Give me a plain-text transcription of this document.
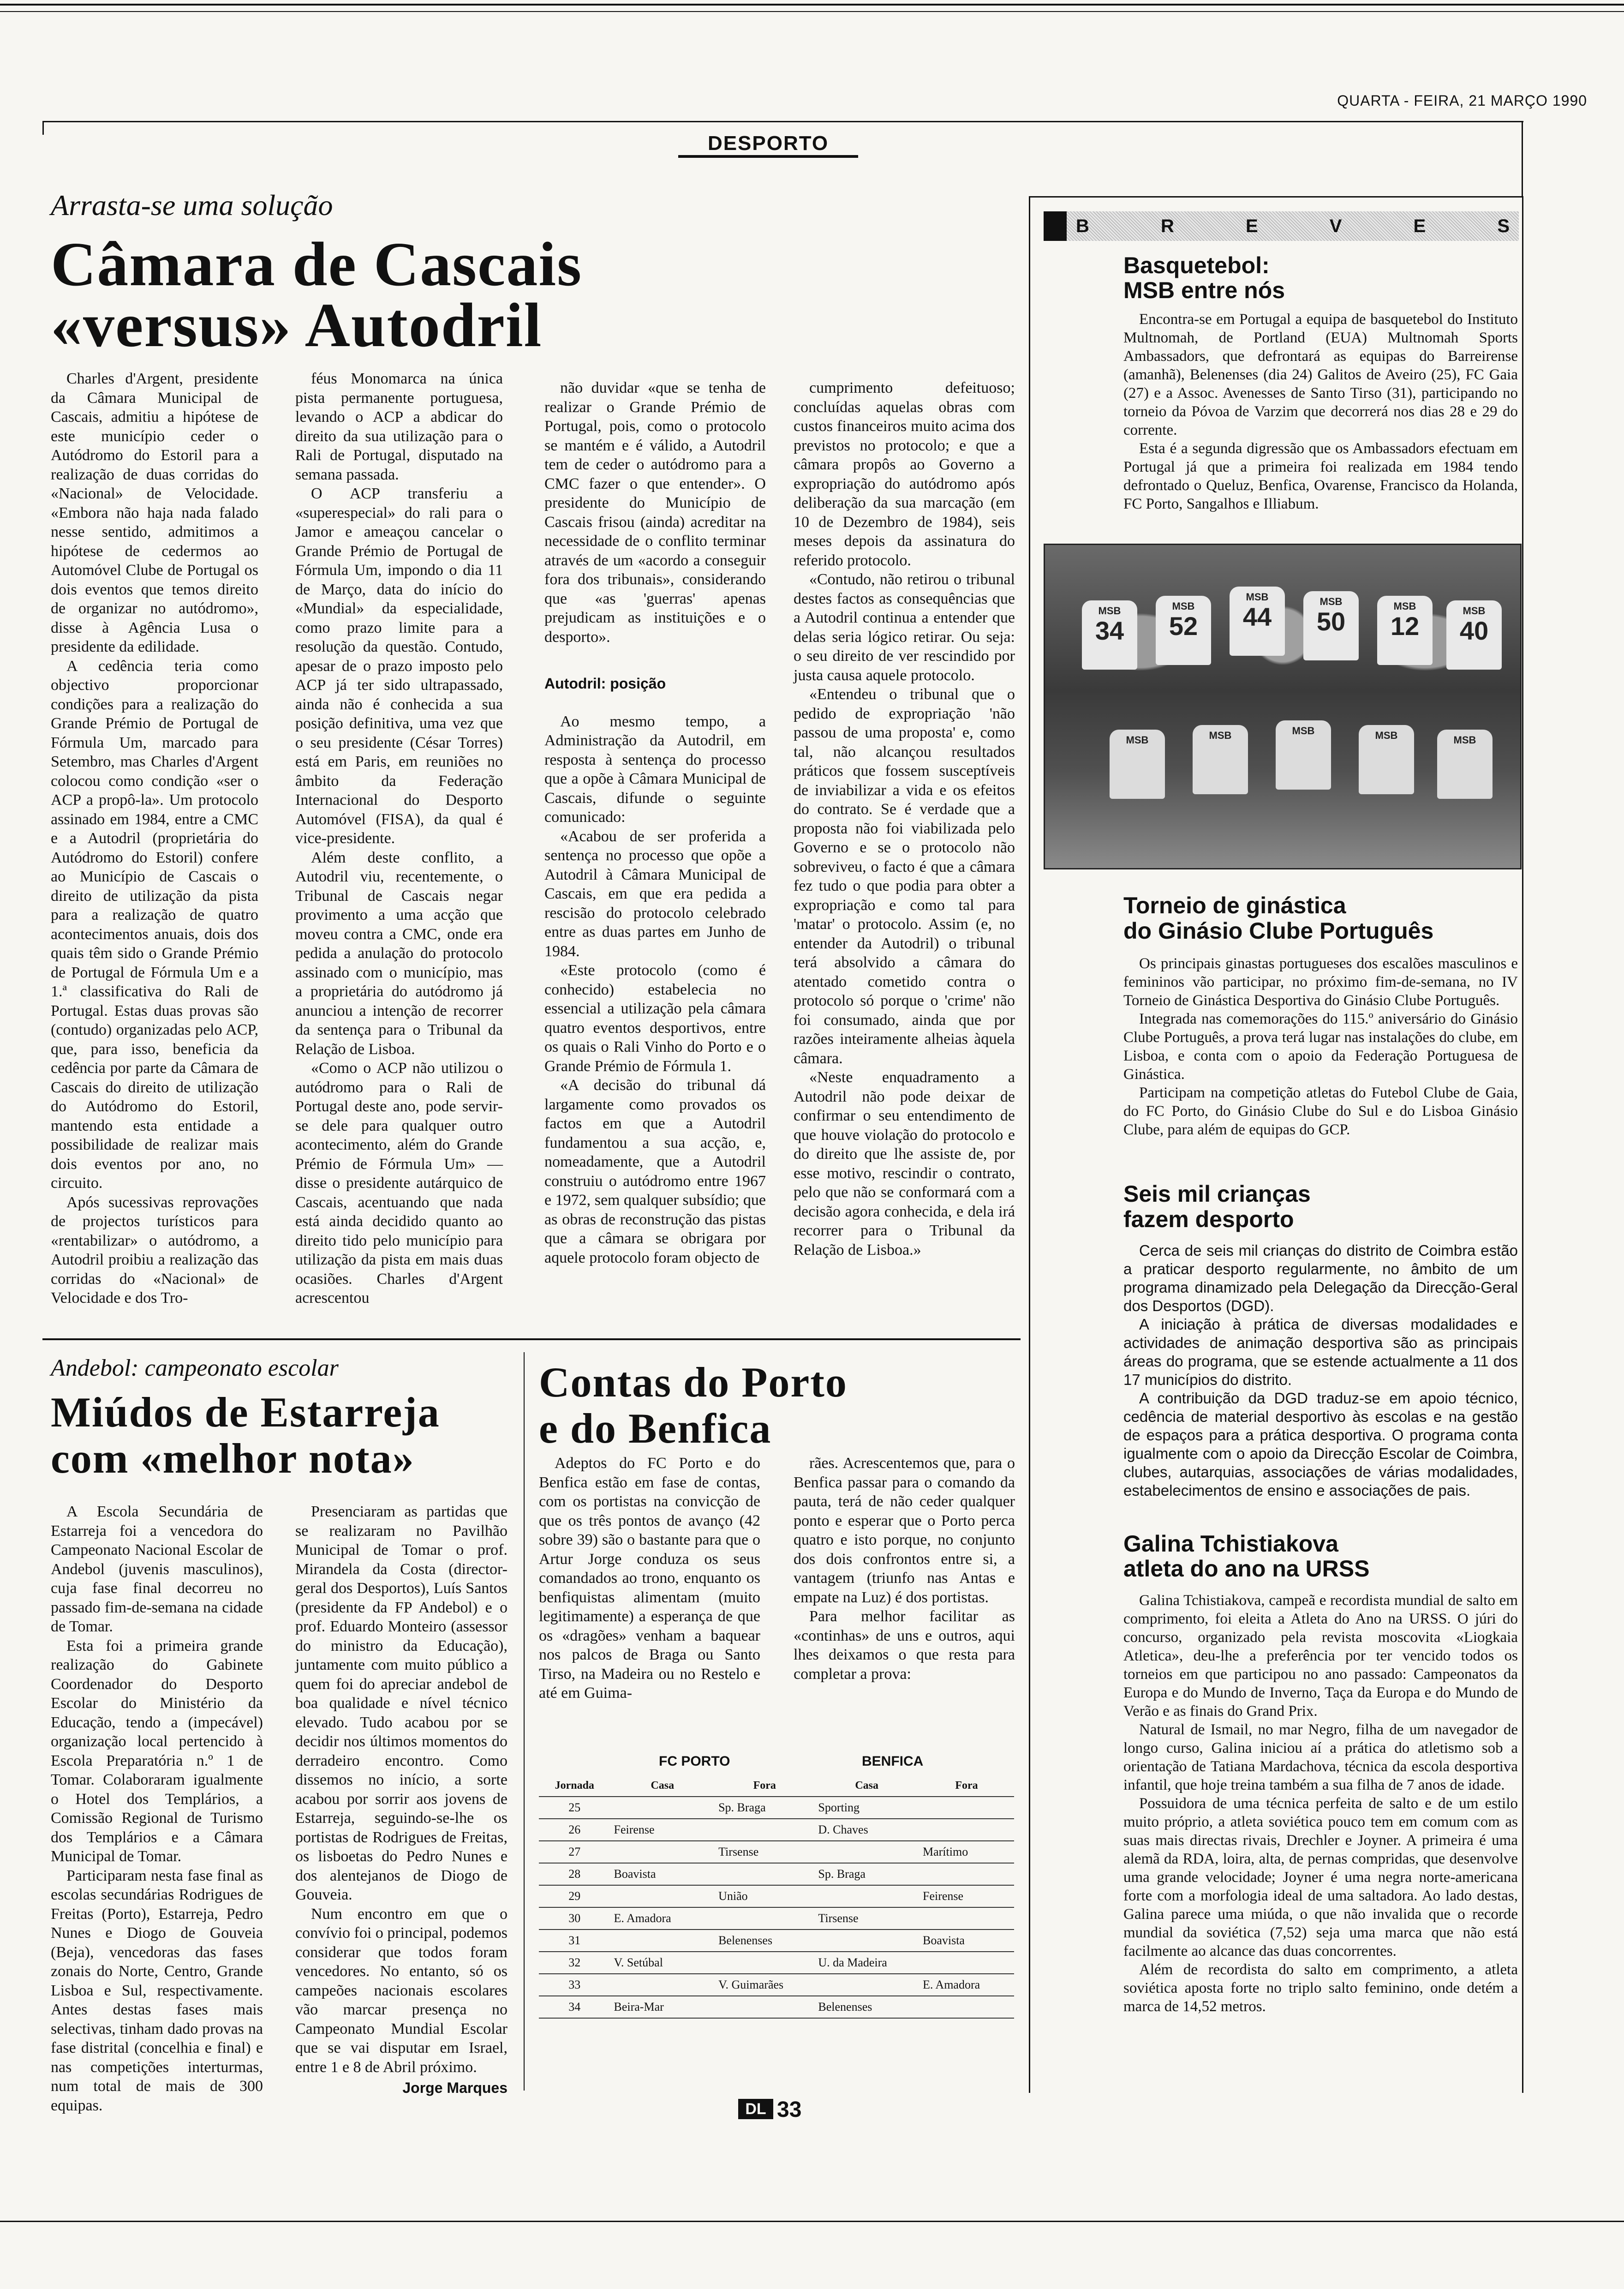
QUARTA - FEIRA, 21 MARÇO 1990
DESPORTO
Arrasta-se uma solução
Câmara de Cascais
«versus» Autodril

Charles d'Argent, presidente da Câmara Municipal de Cascais, admitiu a hipótese de este município ceder o Autódromo do Estoril para a realização de duas corridas do «Nacional» de Velocidade. «Embora não haja nada falado nesse sentido, admitimos a hipótese de cedermos ao Automóvel Clube de Portugal os dois eventos que temos direito de organizar no autódromo», disse à Agência Lusa o presidente da edilidade.

A cedência teria como objectivo proporcionar condições para a realização do Grande Prémio de Portugal de Fórmula Um, marcado para Setembro, mas Charles d'Argent colocou como condição «ser o ACP a propô-la». Um protocolo assinado em 1984, entre a CMC e a Autodril (proprietária do Autódromo do Estoril) confere ao Município de Cascais o direito de utilização da pista para a realização de quatro acontecimentos anuais, dois dos quais têm sido o Grande Prémio de Portugal de Fórmula Um e a 1.ª classificativa do Rali de Portugal. Estas duas provas são (contudo) organizadas pelo ACP, que, para isso, beneficia da cedência por parte da Câmara de Cascais do direito de utilização do Autódromo do Estoril, mantendo esta entidade a possibilidade de realizar mais dois eventos por ano, no circuito.

Após sucessivas reprovações de projectos turísticos para «rentabilizar» o autódromo, a Autodril proibiu a realização das corridas do «Nacional» de Velocidade e dos Tro-

féus Monomarca na única pista permanente portuguesa, levando o ACP a abdicar do direito da sua utilização para o Rali de Portugal, disputado na semana passada.

O ACP transferiu a «superespecial» do rali para o Jamor e ameaçou cancelar o Grande Prémio de Portugal de Fórmula Um, impondo o dia 11 de Março, data do início do «Mundial» da especialidade, como prazo limite para a resolução da questão. Contudo, apesar de o prazo imposto pelo ACP já ter sido ultrapassado, ainda não é conhecida a sua posição definitiva, uma vez que o seu presidente (César Torres) está em Paris, em reuniões no âmbito da Federação Internacional do Desporto Automóvel (FISA), da qual é vice-presidente.

Além deste conflito, a Autodril viu, recentemente, o Tribunal de Cascais negar provimento a uma acção que moveu contra a CMC, onde era pedida a anulação do protocolo assinado com o município, mas a proprietária do autódromo já anunciou a intenção de recorrer da sentença para o Tribunal da Relação de Lisboa.

«Como o ACP não utilizou o autódromo para o Rali de Portugal deste ano, pode servir-se dele para qualquer outro acontecimento, além do Grande Prémio de Fórmula Um» — disse o presidente autárquico de Cascais, acentuando que nada está ainda decidido quanto ao direito tido pelo município para utilização da pista em mais duas ocasiões. Charles d'Argent acrescentou

não duvidar «que se tenha de realizar o Grande Prémio de Portugal, pois, como o protocolo se mantém e é válido, a Autodril tem de ceder o autódromo para a CMC fazer o que entender». O presidente do Município de Cascais frisou (ainda) acreditar na necessidade de o conflito terminar através de um «acordo a conseguir fora dos tribunais», considerando que «as 'guerras' apenas prejudicam as instituições e o desporto».

Autodril: posição

Ao mesmo tempo, a Administração da Autodril, em resposta à sentença do processo que a opõe à Câmara Municipal de Cascais, difunde o seguinte comunicado:

«Acabou de ser proferida a sentença no processo que opõe a Autodril à Câmara Municipal de Cascais, em que era pedida a rescisão do protocolo celebrado entre as duas partes em Junho de 1984.

«Este protocolo (como é conhecido) estabelecia no essencial a utilização pela câmara quatro eventos desportivos, entre os quais o Rali Vinho do Porto e o Grande Prémio de Fórmula 1.

«A decisão do tribunal dá largamente como provados os factos em que a Autodril fundamentou a sua acção, e, nomeadamente, que a Autodril construiu o autódromo entre 1967 e 1972, sem qualquer subsídio; que as obras de reconstrução das pistas que a câmara se obrigara por aquele protocolo foram objecto de

cumprimento defeituoso; concluídas aquelas obras com custos financeiros muito acima dos previstos no protocolo; e que a câmara propôs ao Governo a expropriação do autódromo após deliberação da sua marcação (em 10 de Dezembro de 1984), seis meses depois da assinatura do referido protocolo.

«Contudo, não retirou o tribunal destes factos as consequências que a Autodril continua a entender que delas seria lógico retirar. Ou seja: o seu direito de ver rescindido por justa causa aquele protocolo.

«Entendeu o tribunal que o pedido de expropriação 'não passou de uma proposta' e, como tal, não alcançou resultados práticos que fossem susceptíveis de inviabilizar a vida e os efeitos do contrato. Se é verdade que a proposta não foi viabilizada pelo Governo e se o protocolo não sobreviveu, o facto é que a câmara fez tudo o que podia para obter a expropriação e como tal para 'matar' o protocolo. Assim (e, no entender da Autodril) o tribunal terá absolvido a câmara do atentado cometido contra o protocolo só porque o 'crime' não foi consumado, ainda que por razões inteiramente alheias àquela câmara.

«Neste enquadramento a Autodril não pode deixar de confirmar o seu entendimento de que houve violação do protocolo e do direito que lhe assiste de, por esse motivo, rescindir o contrato, pelo que não se conformará com a decisão agora conhecida, e dela irá recorrer para o Tribunal da Relação de Lisboa.»

Andebol: campeonato escolar
Miúdos de Estarreja
com «melhor nota»

A Escola Secundária de Estarreja foi a vencedora do Campeonato Nacional Escolar de Andebol (juvenis masculinos), cuja fase final decorreu no passado fim-de-semana na cidade de Tomar.

Esta foi a primeira grande realização do Gabinete Coordenador do Desporto Escolar do Ministério da Educação, tendo a (impecável) organização local pertencido à Escola Preparatória n.º 1 de Tomar. Colaboraram igualmente o Hotel dos Templários, a Comissão Regional de Turismo dos Templários e a Câmara Municipal de Tomar.

Participaram nesta fase final as escolas secundárias Rodrigues de Freitas (Porto), Estarreja, Pedro Nunes e Diogo de Gouveia (Beja), vencedoras das fases zonais do Norte, Centro, Grande Lisboa e Sul, respectivamente. Antes destas fases mais selectivas, tinham dado provas na fase distrital (concelhia e final) e nas competições interturmas, num total de mais de 300 equipas.

Presenciaram as partidas que se realizaram no Pavilhão Municipal de Tomar o prof. Mirandela da Costa (director-geral dos Desportos), Luís Santos (presidente da FP Andebol) e o prof. Eduardo Monteiro (assessor do ministro da Educação), juntamente com muito público a quem foi do apreciar andebol de boa qualidade e nível técnico elevado. Tudo acabou por se decidir nos últimos momentos do derradeiro encontro. Como dissemos no início, a sorte acabou por sorrir aos jovens de Estarreja, seguindo-se-lhe os portistas de Rodrigues de Freitas, os lisboetas do Pedro Nunes e dos alentejanos de Diogo de Gouveia.

Num encontro em que o convívio foi o principal, podemos considerar que todos foram vencedores. No entanto, só os campeões nacionais escolares vão marcar presença no Campeonato Mundial Escolar que se vai disputar em Israel, entre 1 e 8 de Abril próximo.

Jorge Marques
Contas do Porto
e do Benfica

Adeptos do FC Porto e do Benfica estão em fase de contas, com os portistas na convicção de que os três pontos de avanço (42 sobre 39) são o bastante para que o Artur Jorge conduza os seus comandados ao trono, enquanto os benfiquistas alimentam (muito legitimamente) a esperança de que os «dragões» venham a baquear nos palcos de Braga ou Santo Tirso, na Madeira ou no Restelo e até em Guima-

rães. Acrescentemos que, para o Benfica passar para o comando da pauta, terá de não ceder qualquer ponto e esperar que o Porto perca quatro e isto porque, no conjunto dos dois confrontos entre si, a vantagem (triunfo nas Antas e empate na Luz) é dos portistas.

Para melhor facilitar as «continhas» de uns e outros, aqui lhes deixamos o que resta para completar a prova:

FC PORTO	BENFICA
Jornada	Casa	Fora	Casa	Fora
25		Sp. Braga	Sporting	
26	Feirense		D. Chaves	
27		Tirsense		Marítimo
28	Boavista		Sp. Braga	
29		União		Feirense
30	E. Amadora		Tirsense	
31		Belenenses		Boavista
32	V. Setúbal		U. da Madeira	
33		V. Guimarães		E. Amadora
34	Beira-Mar		Belenenses	
B	R	E	V	E	S
Basquetebol:
MSB entre nós

Encontra-se em Portugal a equipa de basquetebol do Instituto Multnomah, de Portland (EUA) Multnomah Sports Ambassadors, que defrontará as equipas do Barreirense (amanhã), Belenenses (dia 24) Galitos de Aveiro (25), FC Gaia (27) e a Assoc. Avenesses de Santo Tirso (31), participando no torneio da Póvoa de Varzim que decorrerá nos dias 28 e 29 do corrente.

Esta é a segunda digressão que os Ambassadors efectuam em Portugal já que a primeira foi realizada em 1984 tendo defrontado o Queluz, Benfica, Ovarense, Francisco da Holanda, FC Porto, Sangalhos e Illiabum.

MSB
34
MSB
52
MSB
44
MSB
50
MSB
12
MSB
40
MSB	MSB	MSB	MSB	MSB
Torneio de ginástica
do Ginásio Clube Português

Os principais ginastas portugueses dos escalões masculinos e femininos vão participar, no próximo fim-de-semana, no IV Torneio de Ginástica Desportiva do Ginásio Clube Português.

Integrada nas comemorações do 115.º aniversário do Ginásio Clube Português, a prova terá lugar nas instalações do clube, em Lisboa, e conta com o apoio da Federação Portuguesa de Ginástica.

Participam na competição atletas do Futebol Clube de Gaia, do FC Porto, do Ginásio Clube do Sul e do Lisboa Ginásio Clube, para além de equipas do GCP.

Seis mil crianças
fazem desporto

Cerca de seis mil crianças do distrito de Coimbra estão a praticar desporto regularmente, no âmbito de um programa dinamizado pela Delegação da Direcção-Geral dos Desportos (DGD).

A iniciação à prática de diversas modalidades e actividades de animação desportiva são as principais áreas do programa, que se estende actualmente a 11 dos 17 municípios do distrito.

A contribuição da DGD traduz-se em apoio técnico, cedência de material desportivo às escolas e na gestão de espaços para a prática desportiva. O programa conta igualmente com o apoio da Direcção Escolar de Coimbra, clubes, autarquias, associações de várias modalidades, estabelecimentos de ensino e associações de pais.

Galina Tchistiakova
atleta do ano na URSS

Galina Tchistiakova, campeã e recordista mundial de salto em comprimento, foi eleita a Atleta do Ano na URSS. O júri do concurso, organizado pela revista moscovita «Liogkaia Atletica», deu-lhe a preferência por ter vencido todos os torneios em que participou no ano passado: Campeonatos da Europa e do Mundo de Inverno, Taça da Europa e do Mundo de Verão e as finais do Grand Prix.

Natural de Ismail, no mar Negro, filha de um navegador de longo curso, Galina iniciou aí a prática do atletismo sob a orientação de Tatiana Mardachova, técnica da escola desportiva infantil, que hoje treina também a sua filha de 7 anos de idade.

Possuidora de uma técnica perfeita de salto e de um estilo muito próprio, a atleta soviética pouco tem em comum com as suas mais directas rivais, Drechler e Joyner. A primeira é uma alemã da RDA, loira, alta, de pernas compridas, que desenvolve uma grande velocidade; Joyner é uma negra norte-americana forte com a morfologia ideal de uma saltadora. Ao lado destas, Galina parece uma miúda, o que não invalida que o recorde mundial da soviética (7,52) seja uma marca que não está facilmente ao alcance das duas concorrentes.

Além de recordista do salto em comprimento, a atleta soviética aposta forte no triplo salto feminino, onde detém a marca de 14,52 metros.

DL 33
